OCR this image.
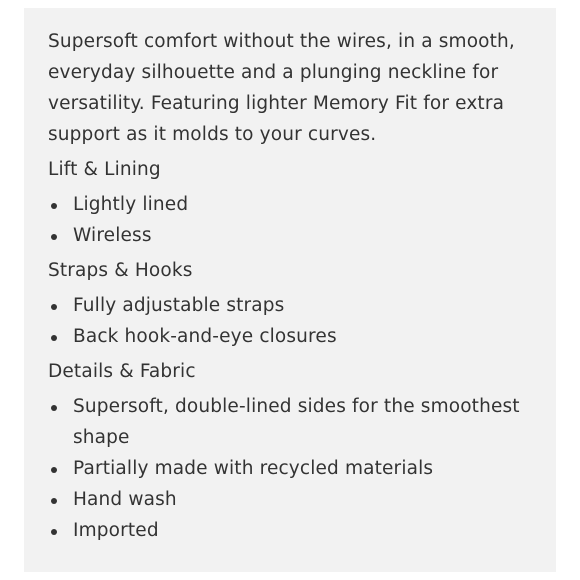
Supersoft comfort without the wires, in a smooth, everyday silhouette and a plunging neckline for versatility. Featuring lighter Memory Fit for extra support as it molds to your curves.

Lift & Lining
Lightly lined
Wireless
Straps & Hooks
Fully adjustable straps
Back hook-and-eye closures
Details & Fabric
Supersoft, double-lined sides for the smoothest shape
Partially made with recycled materials
Hand wash
Imported
